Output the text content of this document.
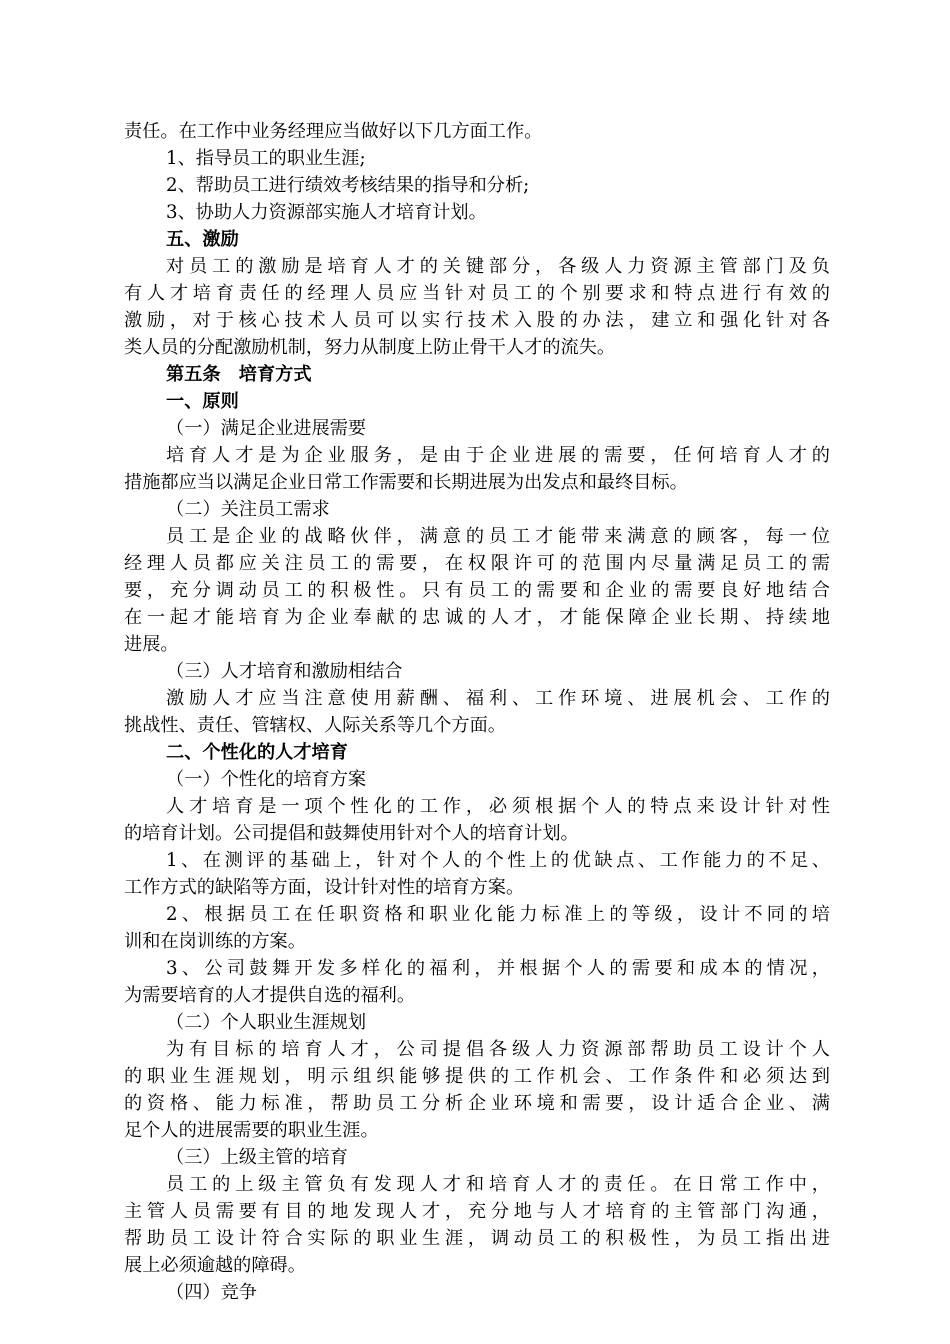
责任。在工作中业务经理应当做好以下几方面工作。

1、指导员工的职业生涯;

2、帮助员工进行绩效考核结果的指导和分析;

3、协助人力资源部实施人才培育计划。

五、激励

对员工的激励是培育人才的关键部分，各级人力资源主管部门及负

有人才培育责任的经理人员应当针对员工的个别要求和特点进行有效的

激励，对于核心技术人员可以实行技术入股的办法，建立和强化针对各

类人员的分配激励机制，努力从制度上防止骨干人才的流失。

第五条　培育方式

一、原则

（一）满足企业进展需要

培育人才是为企业服务，是由于企业进展的需要，任何培育人才的

措施都应当以满足企业日常工作需要和长期进展为出发点和最终目标。

（二）关注员工需求

员工是企业的战略伙伴，满意的员工才能带来满意的顾客，每一位

经理人员都应关注员工的需要，在权限许可的范围内尽量满足员工的需

要，充分调动员工的积极性。只有员工的需要和企业的需要良好地结合

在一起才能培育为企业奉献的忠诚的人才，才能保障企业长期、持续地

进展。

（三）人才培育和激励相结合

激励人才应当注意使用薪酬、福利、工作环境、进展机会、工作的

挑战性、责任、管辖权、人际关系等几个方面。

二、个性化的人才培育

（一）个性化的培育方案

人才培育是一项个性化的工作，必须根据个人的特点来设计针对性

的培育计划。公司提倡和鼓舞使用针对个人的培育计划。

1、在测评的基础上，针对个人的个性上的优缺点、工作能力的不足、

工作方式的缺陷等方面，设计针对性的培育方案。

2、根据员工在任职资格和职业化能力标准上的等级，设计不同的培

训和在岗训练的方案。

3、公司鼓舞开发多样化的福利，并根据个人的需要和成本的情况，

为需要培育的人才提供自选的福利。

（二）个人职业生涯规划

为有目标的培育人才，公司提倡各级人力资源部帮助员工设计个人

的职业生涯规划，明示组织能够提供的工作机会、工作条件和必须达到

的资格、能力标准，帮助员工分析企业环境和需要，设计适合企业、满

足个人的进展需要的职业生涯。

（三）上级主管的培育

员工的上级主管负有发现人才和培育人才的责任。在日常工作中，

主管人员需要有目的地发现人才，充分地与人才培育的主管部门沟通，

帮助员工设计符合实际的职业生涯，调动员工的积极性，为员工指出进

展上必须逾越的障碍。

（四）竞争
